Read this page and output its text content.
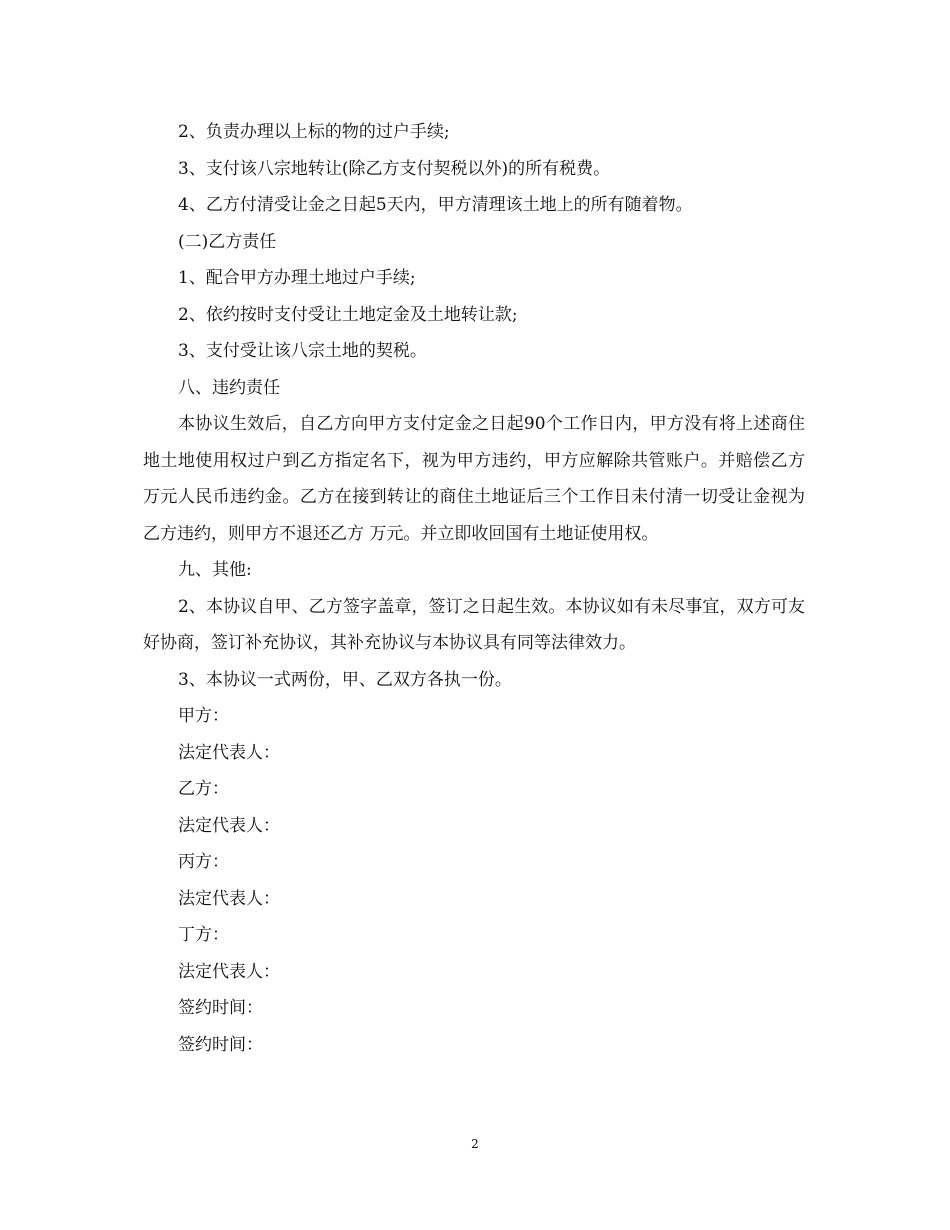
2、负责办理以上标的物的过户手续;

3、支付该八宗地转让(除乙方支付契税以外)的所有税费。

4、乙方付清受让金之日起5天内，甲方清理该土地上的所有随着物。

(二)乙方责任

1、配合甲方办理土地过户手续;

2、依约按时支付受让土地定金及土地转让款;

3、支付受让该八宗土地的契税。

八、违约责任

本协议生效后，自乙方向甲方支付定金之日起90个工作日内，甲方没有将上述商住地土地使用权过户到乙方指定名下，视为甲方违约，甲方应解除共管账户。并赔偿乙方 万元人民币违约金。乙方在接到转让的商住土地证后三个工作日未付清一切受让金视为乙方违约，则甲方不退还乙方 万元。并立即收回国有土地证使用权。

九、其他:

2、本协议自甲、乙方签字盖章，签订之日起生效。本协议如有未尽事宜，双方可友好协商，签订补充协议，其补充协议与本协议具有同等法律效力。

3、本协议一式两份，甲、乙双方各执一份。

甲方：

法定代表人：

乙方：

法定代表人：

丙方：

法定代表人：

丁方：

法定代表人：

签约时间：

签约时间：

2
